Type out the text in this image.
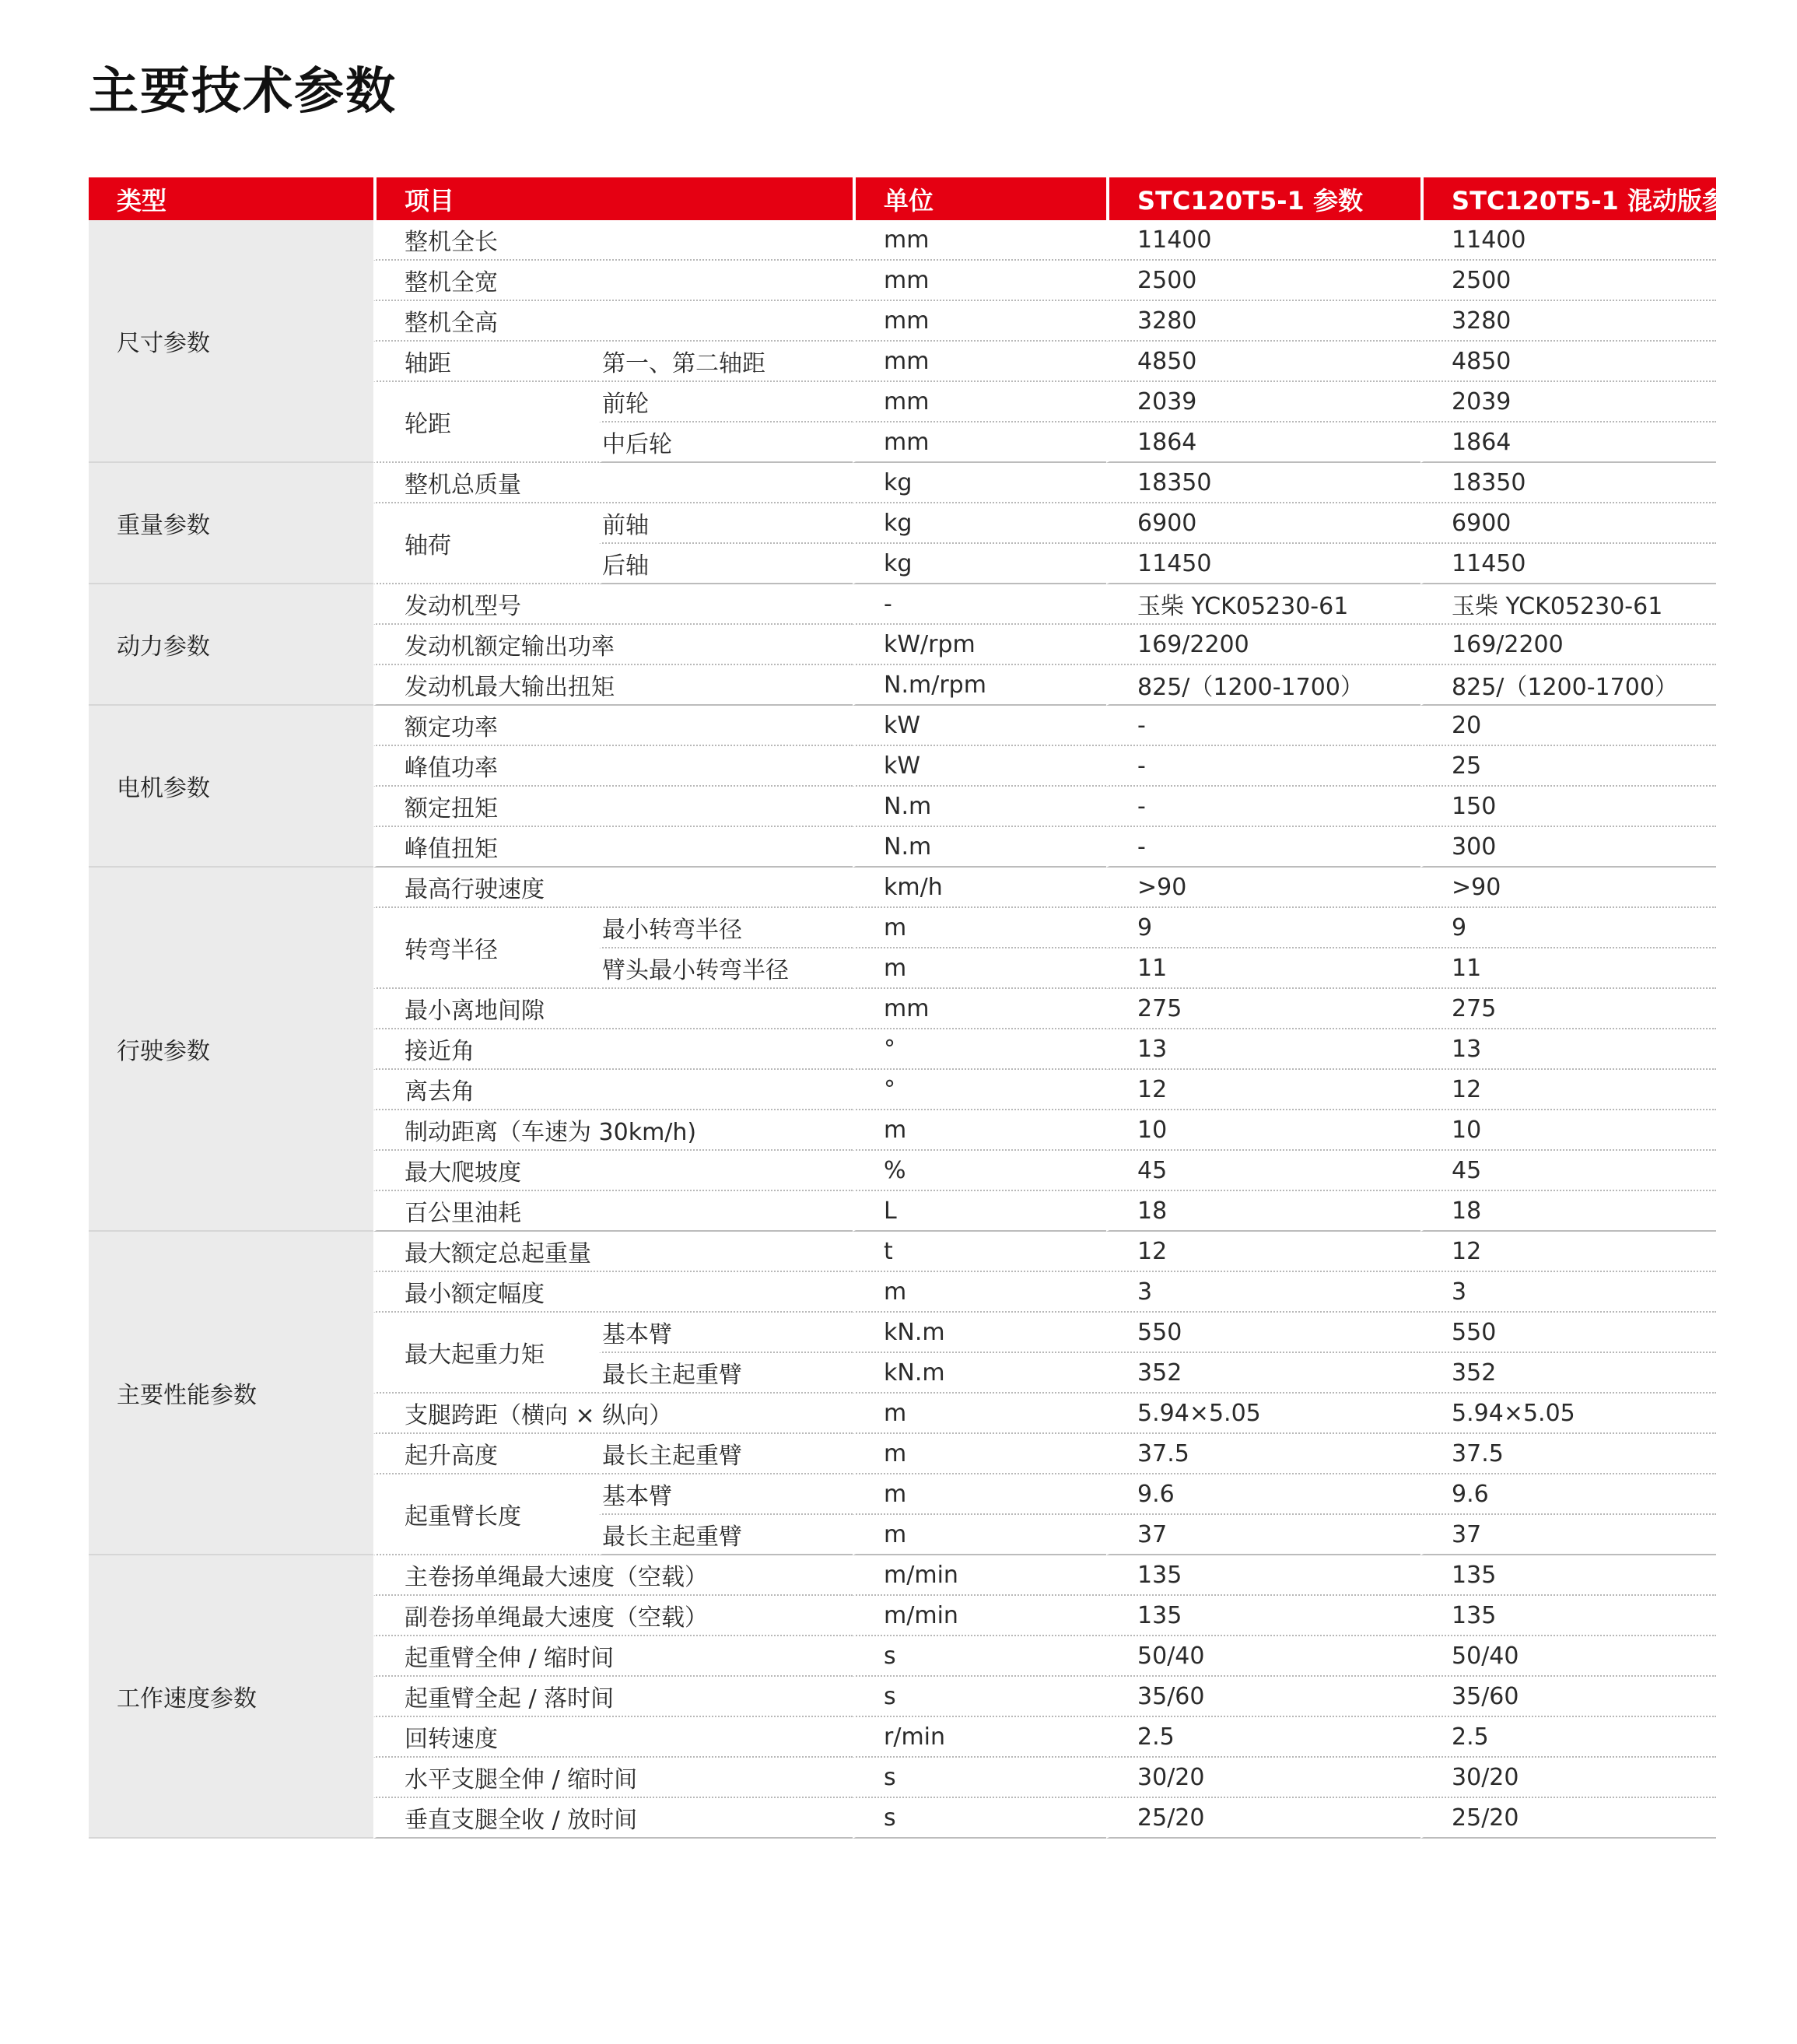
主要技术参数
类型	项目		单位	STC120T5-1 参数	STC120T5-1 混动版参数
尺寸参数	整机全长		mm	11400	11400
	整机全宽		mm	2500	2500
	整机全高		mm	3280	3280
	轴距	第一、第二轴距	mm	4850	4850
	轮距	前轮	mm	2039	2039
		中后轮	mm	1864	1864
重量参数	整机总质量		kg	18350	18350
	轴荷	前轴	kg	6900	6900
		后轴	kg	11450	11450
动力参数	发动机型号		-	玉柴 YCK05230-61	玉柴 YCK05230-61
	发动机额定输出功率		kW/rpm	169/2200	169/2200
	发动机最大输出扭矩		N.m/rpm	825/（1200-1700）	825/（1200-1700）
电机参数	额定功率		kW	-	20
	峰值功率		kW	-	25
	额定扭矩		N.m	-	150
	峰值扭矩		N.m	-	300
行驶参数	最高行驶速度		km/h	>90	>90
	转弯半径	最小转弯半径	m	9	9
		臂头最小转弯半径	m	11	11
	最小离地间隙		mm	275	275
	接近角		°	13	13
	离去角		°	12	12
	制动距离（车速为 30km/h)		m	10	10
	最大爬坡度		%	45	45
	百公里油耗		L	18	18
主要性能参数	最大额定总起重量		t	12	12
	最小额定幅度		m	3	3
	最大起重力矩	基本臂	kN.m	550	550
		最长主起重臂	kN.m	352	352
	支腿跨距（横向 × 纵向）		m	5.94×5.05	5.94×5.05
	起升高度	最长主起重臂	m	37.5	37.5
	起重臂长度	基本臂	m	9.6	9.6
		最长主起重臂	m	37	37
工作速度参数	主卷扬单绳最大速度（空载）		m/min	135	135
	副卷扬单绳最大速度（空载）		m/min	135	135
	起重臂全伸 / 缩时间		s	50/40	50/40
	起重臂全起 / 落时间		s	35/60	35/60
	回转速度		r/min	2.5	2.5
	水平支腿全伸 / 缩时间		s	30/20	30/20
	垂直支腿全收 / 放时间		s	25/20	25/20
